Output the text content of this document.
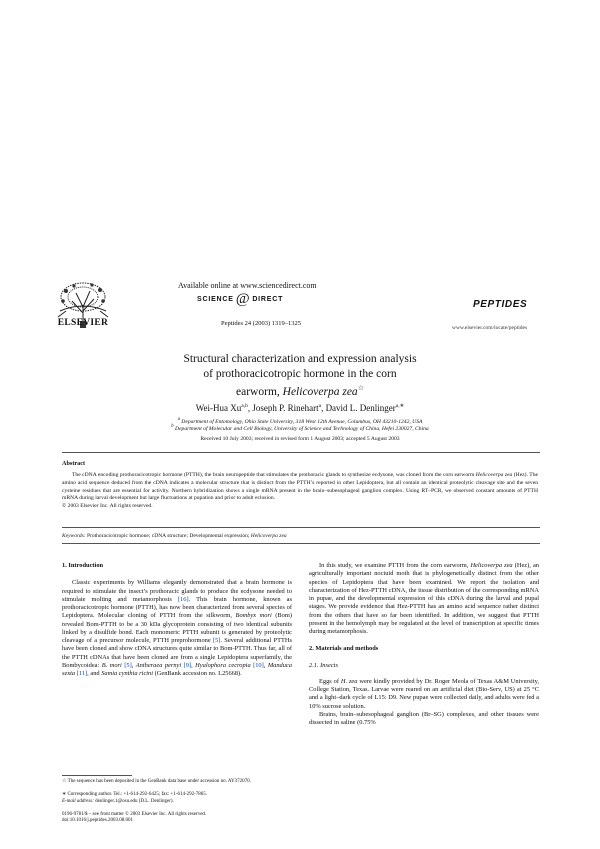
ELSEVIER
Available online at www.sciencedirect.com
SCIENCE @ DIRECT
Peptides 24 (2003) 1319–1325
PEPTIDES
www.elsevier.com/locate/peptides
Structural characterization and expression analysis
of prothoracicotropic hormone in the corn
earworm, Helicoverpa zea☆
Wei-Hua Xu$^{a,b}$, Joseph P. Rinehart$^a$, David L. Denlinger$^{a,∗}$
$^a$ Department of Entomology, Ohio State University, 318 West 12th Avenue, Columbus, OH 43210-1242, USA
$^b$ Department of Molecular and Cell Biology, University of Science and Technology of China, Hefei 230027, China
Received 10 July 2003; received in revised form 1 August 2003; accepted 5 August 2003
Abstract
The cDNA encoding prothoracicotropic hormone (PTTH), the brain neuropeptide that stimulates the prothoracic glands to synthesize ecdysone, was cloned from the corn earworm Helicoverpa zea (Hez). The amino acid sequence deduced from the cDNA indicates a molecular structure that is distinct from the PTTH’s reported in other Lepidoptera, but all contain an identical proteolytic cleavage site and the seven cysteine residues that are essential for activity. Northern hybridization shows a single mRNA present in the brain–subesophageal ganglion complex. Using RT–PCR, we observed constant amounts of PTTH mRNA during larval development but large fluctuations at pupation and prior to adult eclosion.
© 2003 Elsevier Inc. All rights reserved.
Keywords: Prothoracicotropic hormone; cDNA structure; Developmental expression; Helicoverpa zea

1. Introduction

Classic experiments by Williams elegantly demonstrated that a brain hormone is required to stimulate the insect’s prothoracic glands to produce the ecdysone needed to stimulate molting and metamorphosis [16]. This brain hormone, known as prothoracicotropic hormone (PTTH), has now been characterized from several species of Lepidoptera. Molecular cloning of PTTH from the silkworm, Bombyx mori (Bom) revealed Bom-PTTH to be a 30 kDa glycoprotein consisting of two identical subunits linked by a disulfide bond. Each monomeric PTTH subunit is generated by proteolytic cleavage of a precursor molecule, PTTH preprohormone [5]. Several additional PTTHs have been cloned and show cDNA structures quite similar to Bom-PTTH. Thus far, all of the PTTH cDNAs that have been cloned are from a single Lepidoptera superfamily, the Bombycoidea: B. mori [5], Antheraea pernyi [9], Hyalophora cecropia [10], Manduca sexta [11], and Samia cynthia ricini (GenBank accession no. L25668).

☆ The sequence has been deposited in the GenBank data base under accession no. AY372070.
∗ Corresponding author. Tel.: +1-614-292-6425; fax: +1-614-292-7865.
E-mail address: denlinger.1@osu.edu (D.L. Denlinger).
0196-9781/$ – see front matter © 2003 Elsevier Inc. All rights reserved.
doi:10.1016/j.peptides.2003.08.001

In this study, we examine PTTH from the corn earworm, Helicoverpa zea (Hez), an agriculturally important noctuid moth that is phylogenetically distinct from the other species of Lepidoptera that have been examined. We report the isolation and characterization of Hez-PTTH cDNA, the tissue distribution of the corresponding mRNA in pupae, and the developmental expression of this cDNA during the larval and pupal stages. We provide evidence that Hez-PTTH has an amino acid sequence rather distinct from the others that have so far been identified. In addition, we suggest that PTTH present in the hemolymph may be regulated at the level of transcription at specific times during metamorphosis.

2. Materials and methods

2.1. Insects

Eggs of H. zea were kindly provided by Dr. Roger Meola of Texas A&M University, College Station, Texas. Larvae were reared on an artificial diet (Bio-Serv, US) at 25 °C and a light–dark cycle of L15: D9. New pupae were collected daily, and adults were fed a 10% sucrose solution.

Brains, brain–subesophageal ganglion (Br–SG) complexes, and other tissues were dissected in saline (0.75%
